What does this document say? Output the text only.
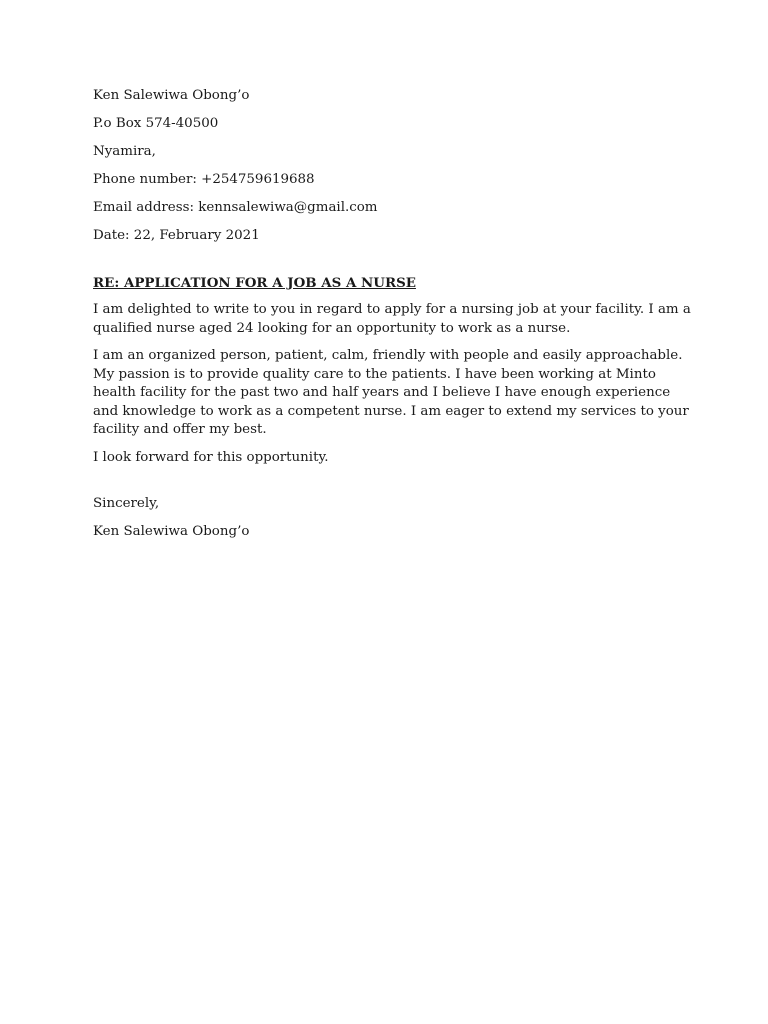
Ken Salewiwa Obong’o
P.o Box 574-40500
Nyamira,
Phone number: +254759619688
Email address: kennsalewiwa@gmail.com
Date: 22, February 2021
RE: APPLICATION FOR A JOB AS A NURSE

I am delighted to write to you in regard to apply for a nursing job at your facility. I am a qualified nurse aged 24 looking for an opportunity to work as a nurse.

I am an organized person, patient, calm, friendly with people and easily approachable. My passion is to provide quality care to the patients. I have been working at Minto health facility for the past two and half years and I believe I have enough experience and knowledge to work as a competent nurse. I am eager to extend my services to your facility and offer my best.

I look forward for this opportunity.

Sincerely,
Ken Salewiwa Obong’o
